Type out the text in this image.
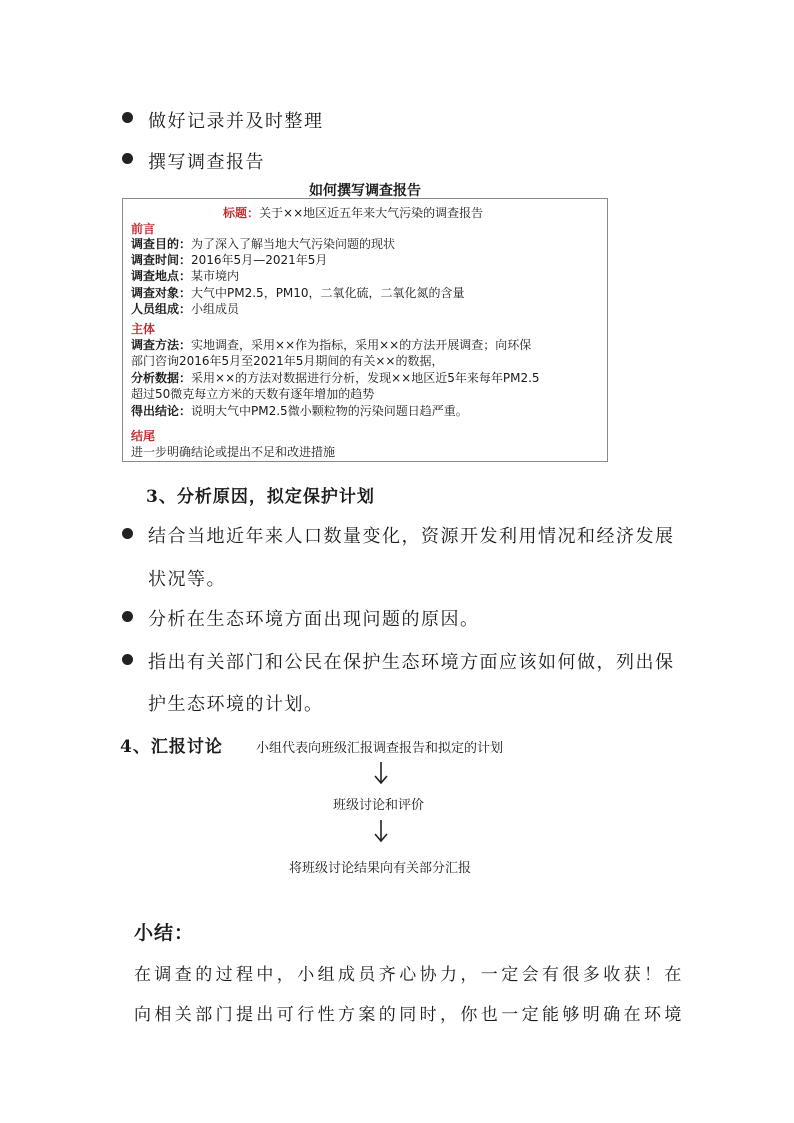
做好记录并及时整理
撰写调查报告
如何撰写调查报告
标题：关于××地区近五年来大气污染的调查报告
前言
调查目的：为了深入了解当地大气污染问题的现状
调查时间：2016年5月—2021年5月
调查地点：某市境内
调查对象：大气中PM2.5，PM10，二氧化硫，二氧化氮的含量
人员组成：小组成员
主体
调查方法：实地调查，采用××作为指标，采用××的方法开展调查；向环保
部门咨询2016年5月至2021年5月期间的有关××的数据，
分析数据：采用××的方法对数据进行分析，发现××地区近5年来每年PM2.5
超过50微克每立方米的天数有逐年增加的趋势
得出结论：说明大气中PM2.5微小颗粒物的污染问题日趋严重。
结尾
进一步明确结论或提出不足和改进措施
3、分析原因，拟定保护计划
结合当地近年来人口数量变化，资源开发利用情况和经济发展
状况等。
分析在生态环境方面出现问题的原因。
指出有关部门和公民在保护生态环境方面应该如何做，列出保
护生态环境的计划。
4、汇报讨论	小组代表向班级汇报调查报告和拟定的计划
班级讨论和评价
将班级讨论结果向有关部分汇报
小结：
在调查的过程中，小组成员齐心协力，一定会有很多收获！在
向相关部门提出可行性方案的同时，你也一定能够明确在环境
